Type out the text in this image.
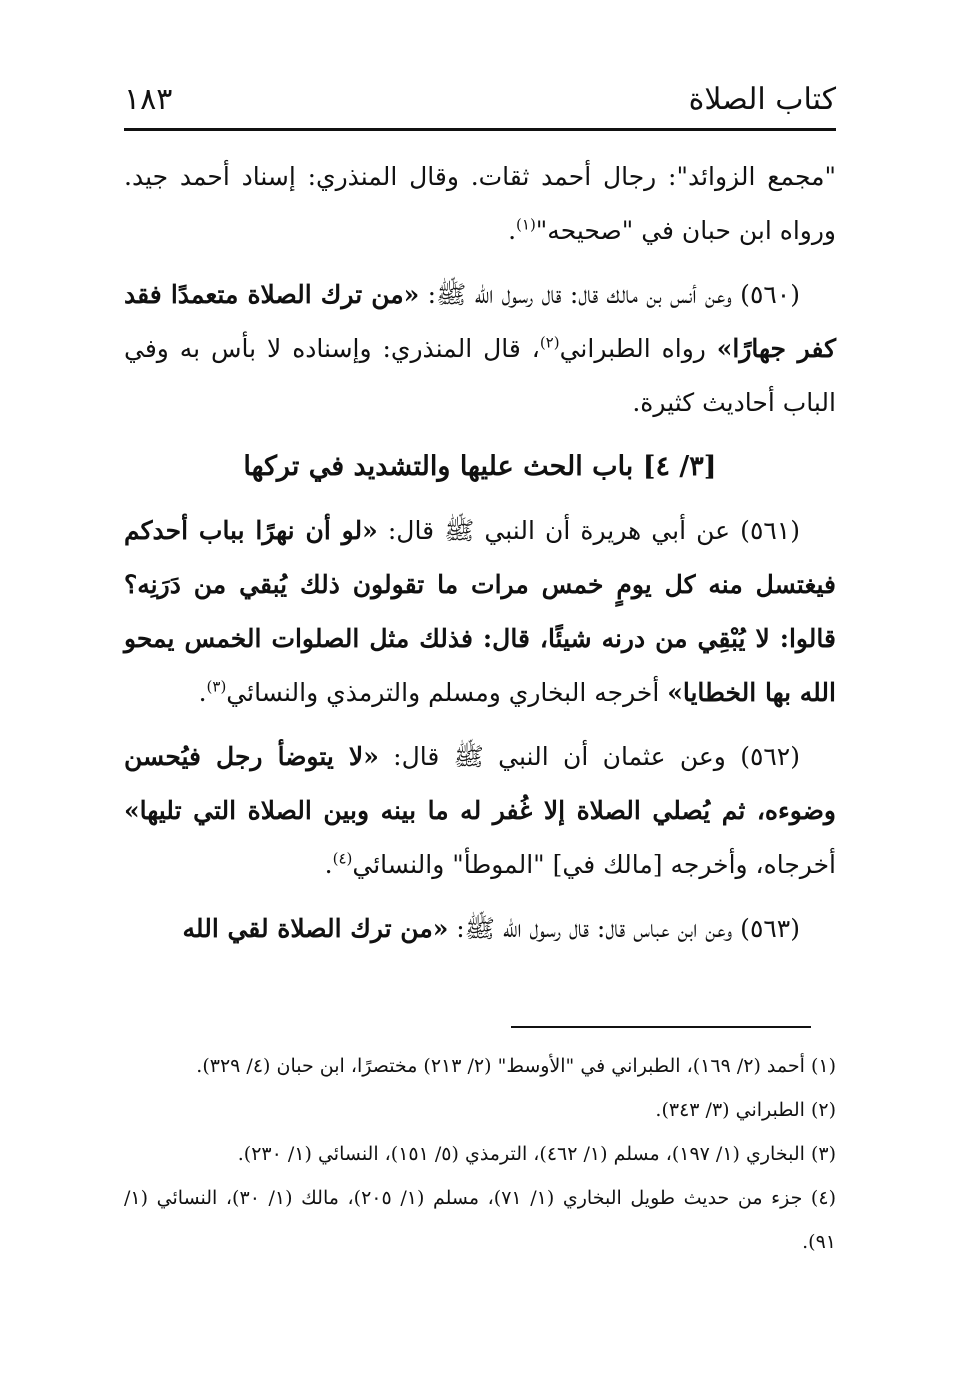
كتاب الصلاة
١٨٣

"مجمع الزوائد": رجال أحمد ثقات. وقال المنذري: إسناد أحمد جيد. ورواه ابن حبان في "صحيحه"$^{(١)}$.

(٥٦٠) وعن أنس بن مالك قال: قال رسول الله ﷺ: «من ترك الصلاة متعمدًا فقد كفر جهارًا» رواه الطبراني$^{(٢)}$، قال المنذري: وإسناده لا بأس به وفي الباب أحاديث كثيرة.

[٣/ ٤] باب الحث عليها والتشديد في تركها

(٥٦١) عن أبي هريرة أن النبي ﷺ قال: «لو أن نهرًا بباب أحدكم فيغتسل منه كل يومٍ خمس مرات ما تقولون ذلك يُبقي من دَرَنِه؟ قالوا: لا يُبْقِي من درنه شيئًا، قال: فذلك مثل الصلوات الخمس يمحو الله بها الخطايا» أخرجه البخاري ومسلم والترمذي والنسائي$^{(٣)}$.

(٥٦٢) وعن عثمان أن النبي ﷺ قال: «لا يتوضأ رجل فيُحسن وضوءه، ثم يُصلي الصلاة إلا غُفر له ما بينه وبين الصلاة التي تليها» أخرجاه، وأخرجه [مالك في] "الموطأ" والنسائي$^{(٤)}$.

(٥٦٣) وعن ابن عباس قال: قال رسول الله ﷺ: «من ترك الصلاة لقي الله

(١) أحمد (٢/ ١٦٩)، الطبراني في "الأوسط" (٢/ ٢١٣) مختصرًا، ابن حبان (٤/ ٣٢٩).

(٢) الطبراني (٣/ ٣٤٣).

(٣) البخاري (١/ ١٩٧)، مسلم (١/ ٤٦٢)، الترمذي (٥/ ١٥١)، النسائي (١/ ٢٣٠).

(٤) جزء من حديث طويل البخاري (١/ ٧١)، مسلم (١/ ٢٠٥)، مالك (١/ ٣٠)، النسائي (١/ ٩١).
